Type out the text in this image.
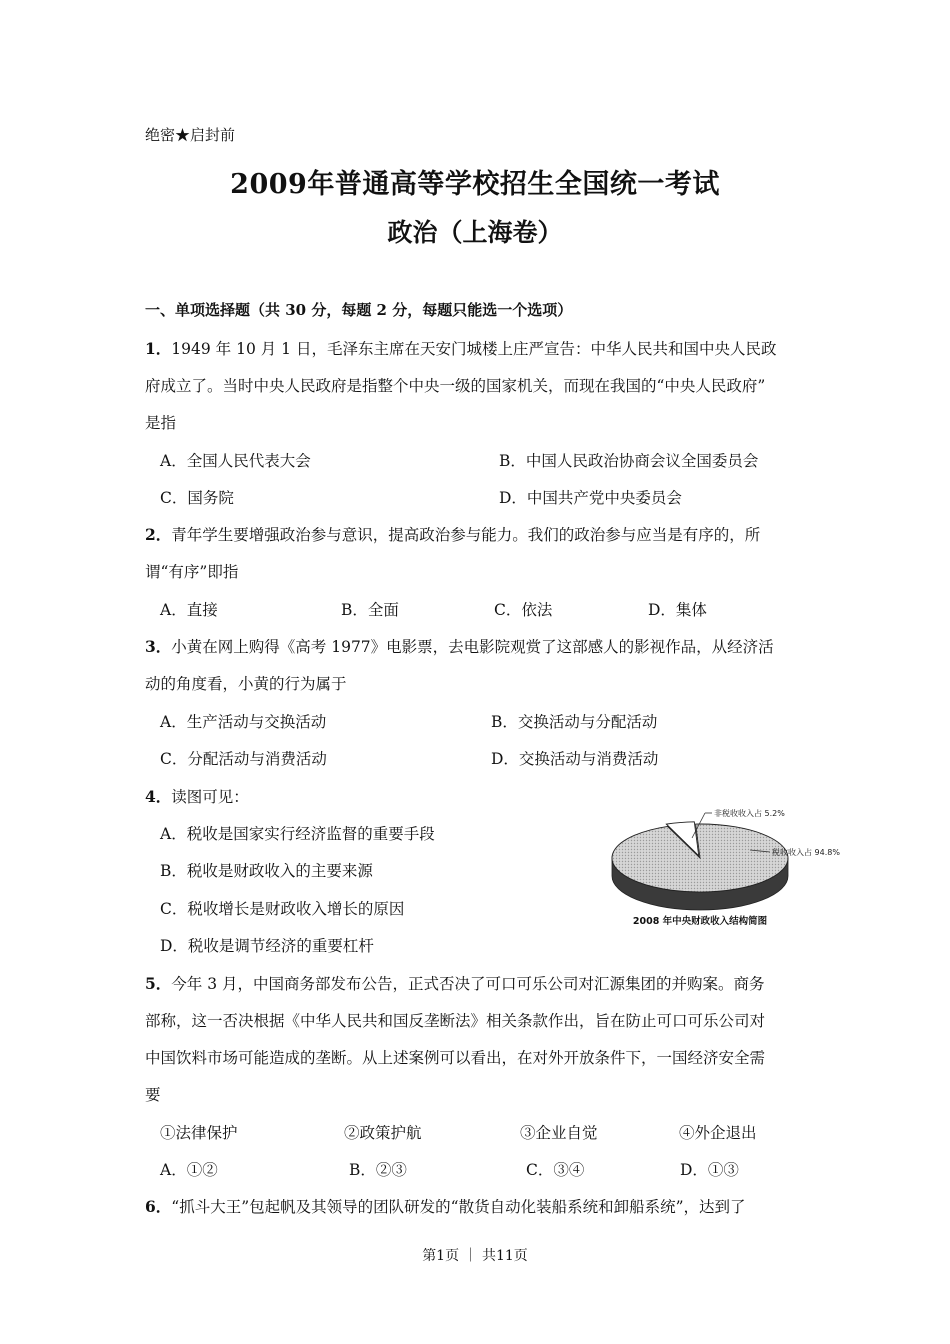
绝密★启封前
2009年普通高等学校招生全国统一考试
政治（上海卷）
一、单项选择题（共 30 分，每题 2 分，每题只能选一个选项）
1．1949 年 10 月 1 日，毛泽东主席在天安门城楼上庄严宣告：中华人民共和国中央人民政
府成立了。当时中央人民政府是指整个中央一级的国家机关，而现在我国的“中央人民政府”
是指
A．全国人民代表大会	B．中国人民政治协商会议全国委员会
C．国务院	D．中国共产党中央委员会
2．青年学生要增强政治参与意识，提高政治参与能力。我们的政治参与应当是有序的，所
谓“有序”即指
A．直接	B．全面	C．依法	D．集体
3．小黄在网上购得《高考 1977》电影票，去电影院观赏了这部感人的影视作品，从经济活
动的角度看，小黄的行为属于
A．生产活动与交换活动	B．交换活动与分配活动
C．分配活动与消费活动	D．交换活动与消费活动
4．读图可见：
A．税收是国家实行经济监督的重要手段
B．税收是财政收入的主要来源
C．税收增长是财政收入增长的原因
D．税收是调节经济的重要杠杆
非税收收入占 5.2%
税收收入占 94.8%
2008 年中央财政收入结构简图
5．今年 3 月，中国商务部发布公告，正式否决了可口可乐公司对汇源集团的并购案。商务
部称，这一否决根据《中华人民共和国反垄断法》相关条款作出，旨在防止可口可乐公司对
中国饮料市场可能造成的垄断。从上述案例可以看出，在对外开放条件下，一国经济安全需
要
①法律保护	②政策护航	③企业自觉	④外企退出
A．①②	B．②③	C．③④	D．①③
6．“抓斗大王”包起帆及其领导的团队研发的“散货自动化装船系统和卸船系统”，达到了
第1页 ｜ 共11页
